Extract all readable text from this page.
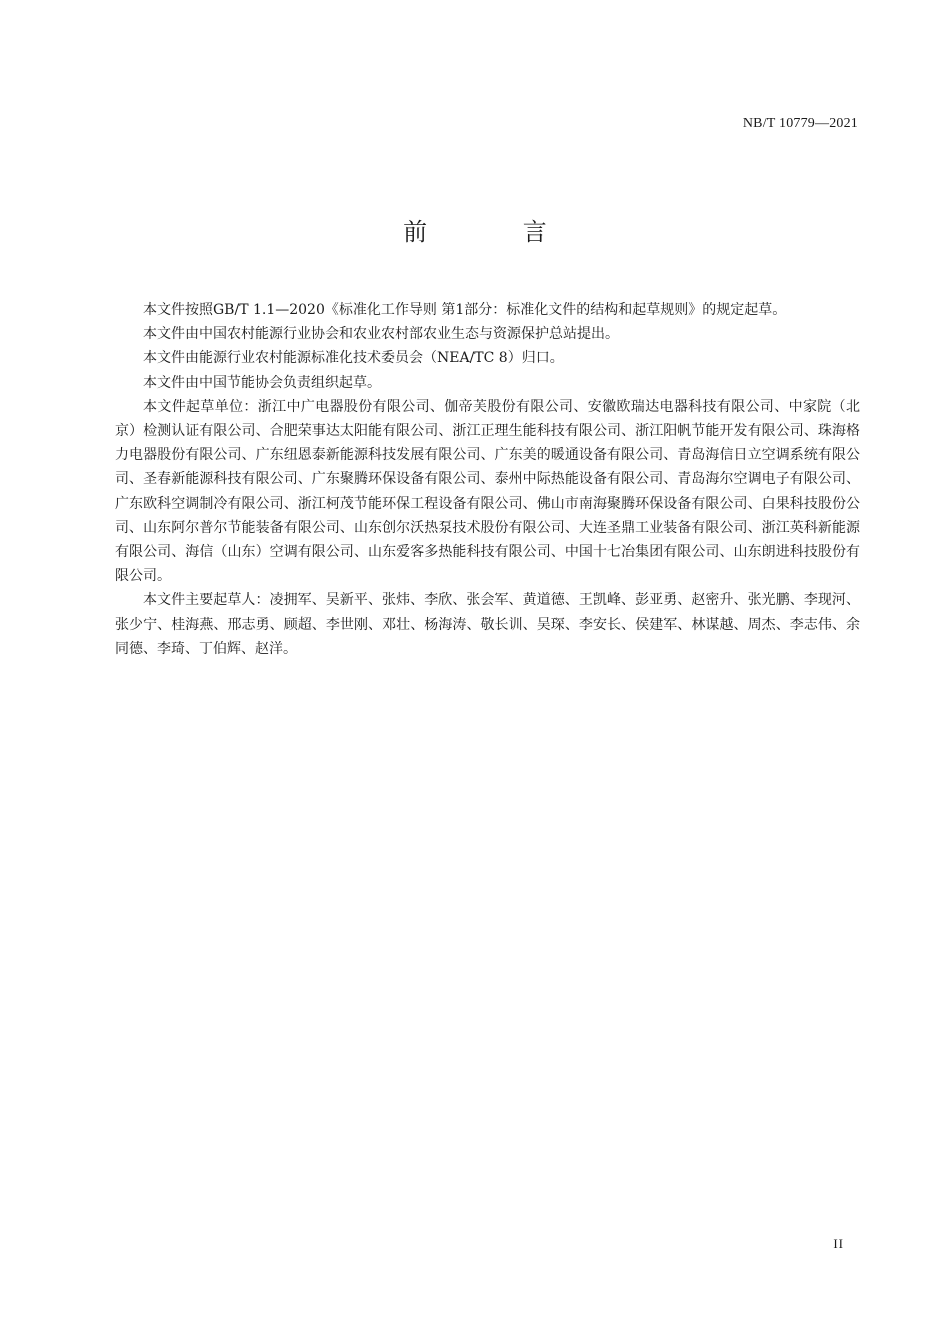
NB/T 10779—2021
前 言

本文件按照GB/T 1.1—2020《标准化工作导则 第1部分：标准化文件的结构和起草规则》的规定起草。

本文件由中国农村能源行业协会和农业农村部农业生态与资源保护总站提出。

本文件由能源行业农村能源标准化技术委员会（NEA/TC 8）归口。

本文件由中国节能协会负责组织起草。

本文件起草单位：浙江中广电器股份有限公司、伽帝芙股份有限公司、安徽欧瑞达电器科技有限公司、中家院（北京）检测认证有限公司、合肥荣事达太阳能有限公司、浙江正理生能科技有限公司、浙江阳帆节能开发有限公司、珠海格力电器股份有限公司、广东纽恩泰新能源科技发展有限公司、广东美的暖通设备有限公司、青岛海信日立空调系统有限公司、圣春新能源科技有限公司、广东聚腾环保设备有限公司、泰州中际热能设备有限公司、青岛海尔空调电子有限公司、广东欧科空调制冷有限公司、浙江柯茂节能环保工程设备有限公司、佛山市南海聚腾环保设备有限公司、白果科技股份公司、山东阿尔普尔节能装备有限公司、山东创尔沃热泵技术股份有限公司、大连圣鼎工业装备有限公司、浙江英科新能源有限公司、海信（山东）空调有限公司、山东爱客多热能科技有限公司、中国十七冶集团有限公司、山东朗进科技股份有限公司。

本文件主要起草人：凌拥军、吴新平、张炜、李欣、张会军、黄道德、王凯峰、彭亚勇、赵密升、张光鹏、李现河、张少宁、桂海燕、邢志勇、顾超、李世刚、邓壮、杨海涛、敬长训、吴琛、李安长、侯建军、林谋越、周杰、李志伟、余同德、李琦、丁伯辉、赵洋。

II
